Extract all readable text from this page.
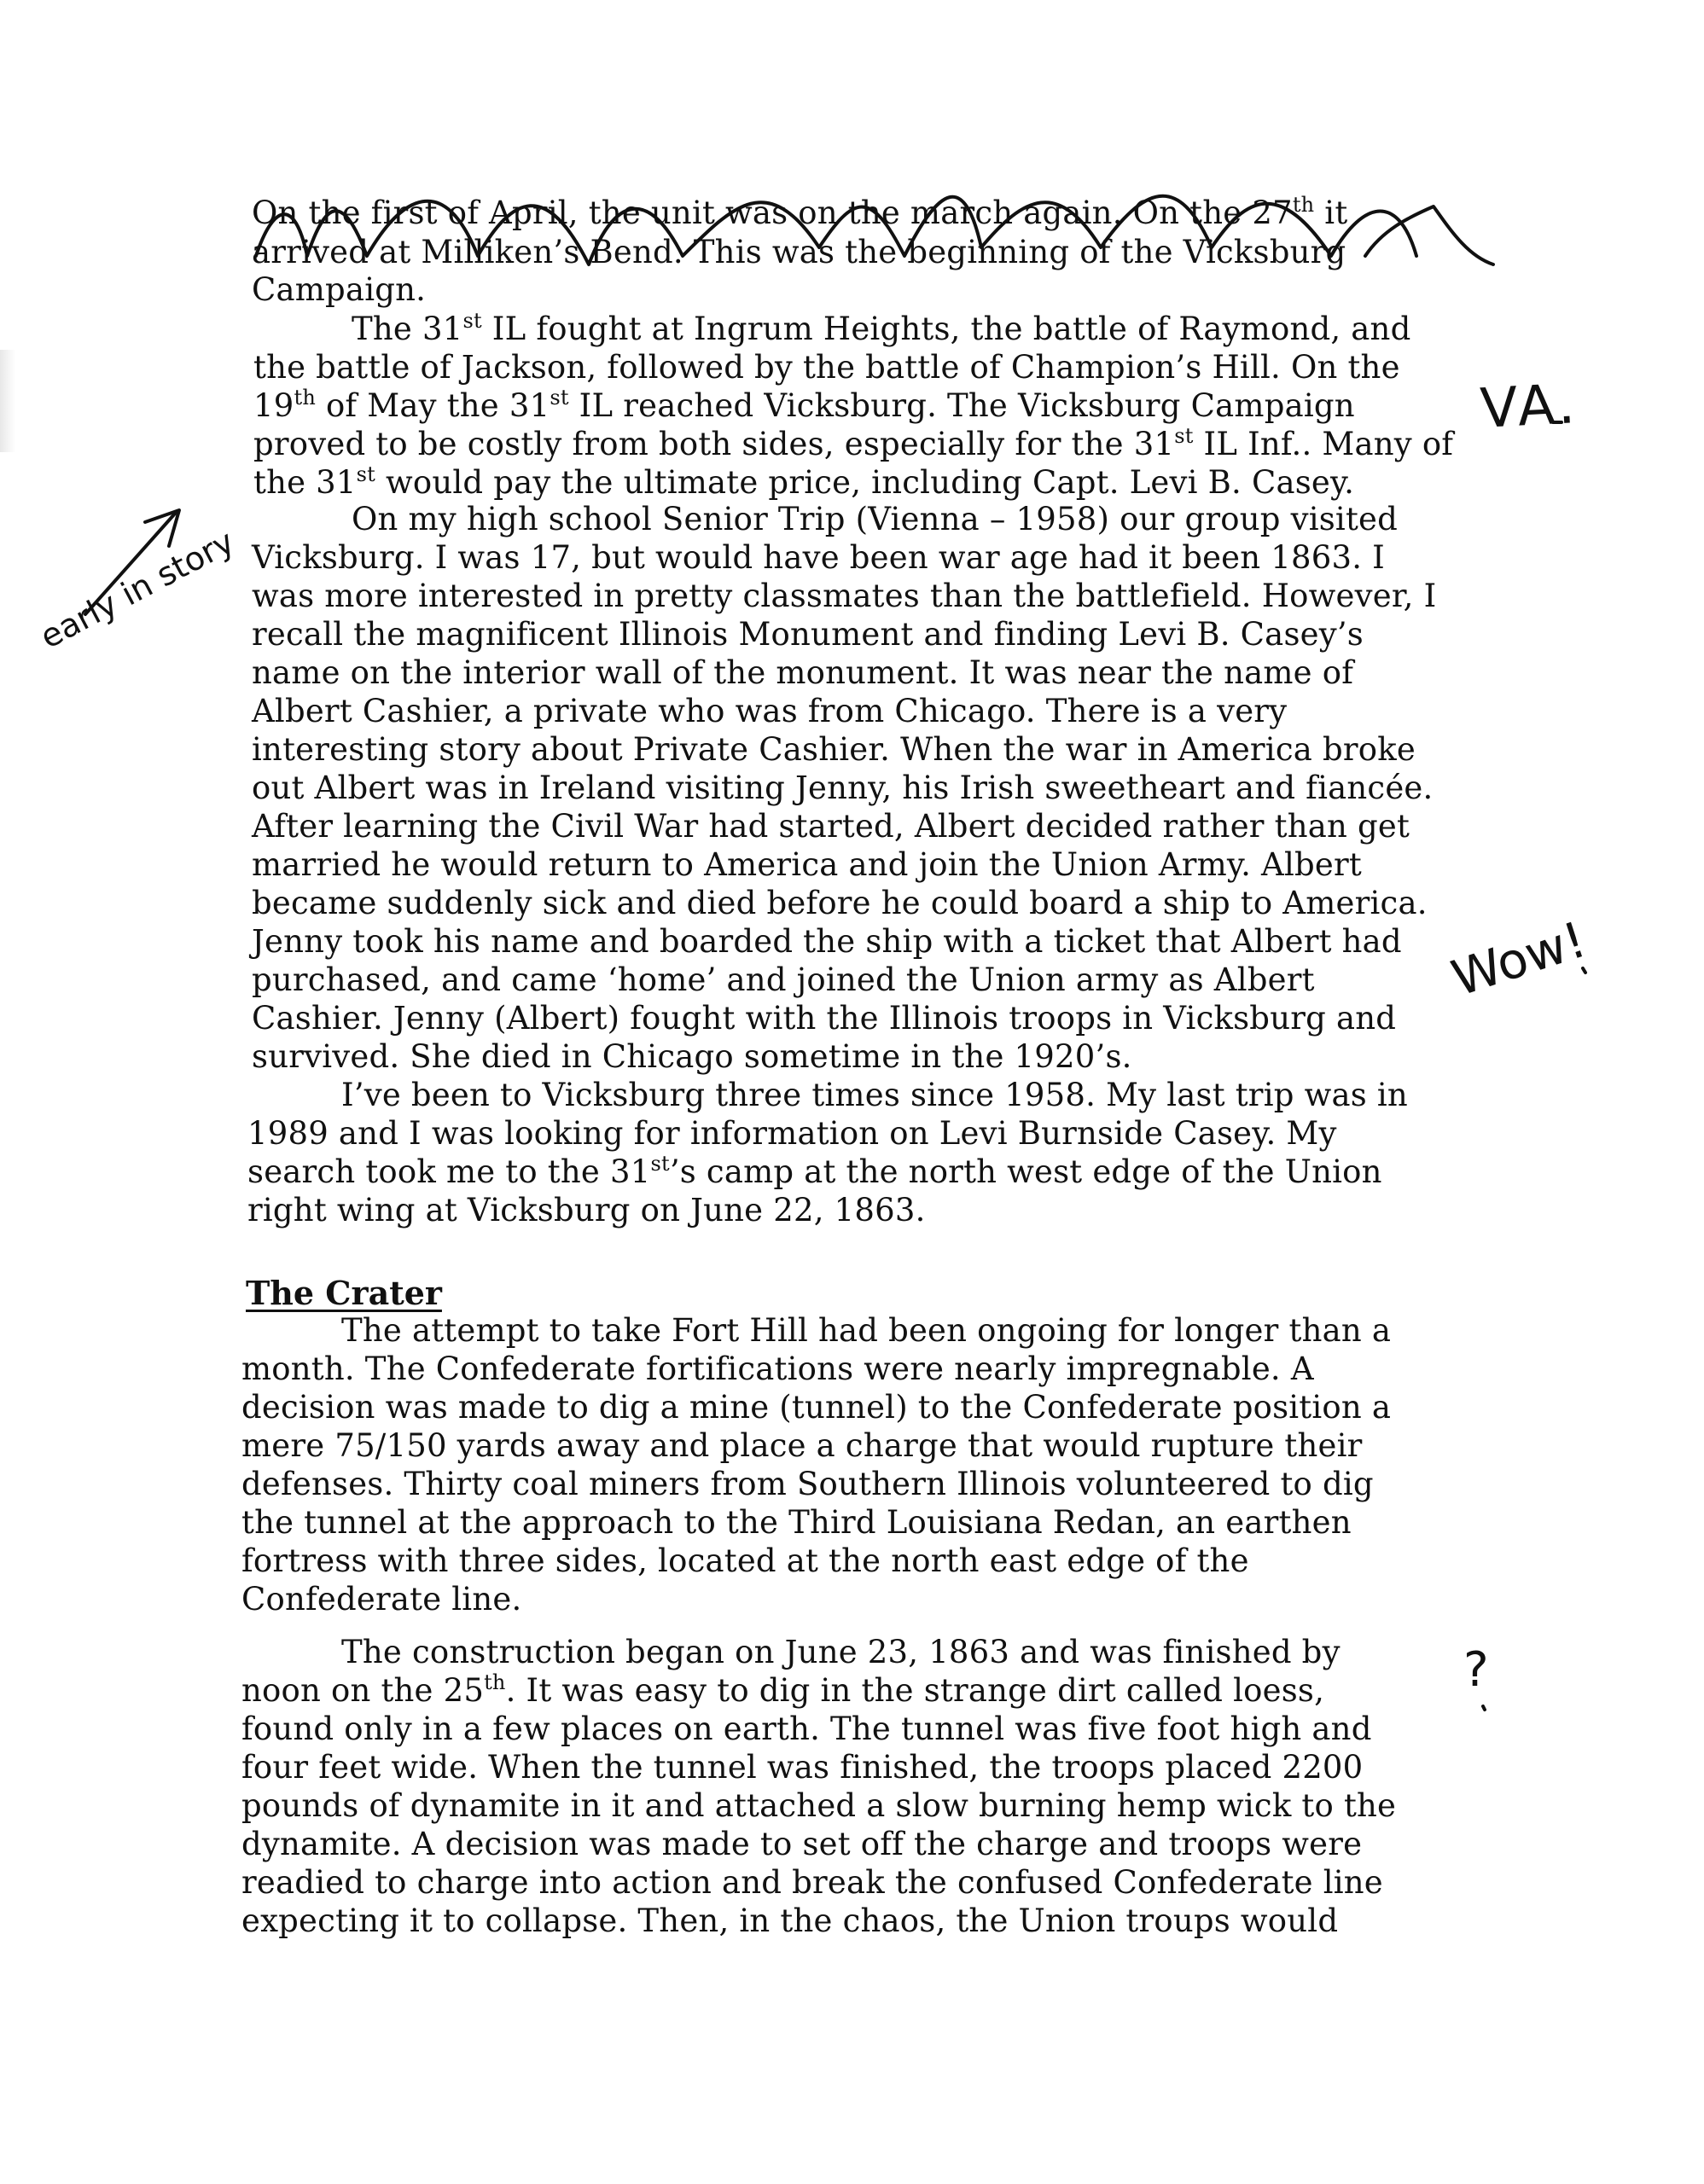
On the first of April, the unit was on the march again. On the 27th it
arrived at Milliken’s Bend. This was the beginning of the Vicksburg
Campaign.
The 31st IL fought at Ingrum Heights, the battle of Raymond, and
the battle of Jackson, followed by the battle of Champion’s Hill. On the
19th of May the 31st IL reached Vicksburg. The Vicksburg Campaign
proved to be costly from both sides, especially for the 31st IL Inf.. Many of
the 31st would pay the ultimate price, including Capt. Levi B. Casey.
On my high school Senior Trip (Vienna – 1958) our group visited
Vicksburg. I was 17, but would have been war age had it been 1863. I
was more interested in pretty classmates than the battlefield. However, I
recall the magnificent Illinois Monument and finding Levi B. Casey’s
name on the interior wall of the monument. It was near the name of
Albert Cashier, a private who was from Chicago. There is a very
interesting story about Private Cashier. When the war in America broke
out Albert was in Ireland visiting Jenny, his Irish sweetheart and fiancée.
After learning the Civil War had started, Albert decided rather than get
married he would return to America and join the Union Army. Albert
became suddenly sick and died before he could board a ship to America.
Jenny took his name and boarded the ship with a ticket that Albert had
purchased, and came ‘home’ and joined the Union army as Albert
Cashier. Jenny (Albert) fought with the Illinois troops in Vicksburg and
survived. She died in Chicago sometime in the 1920’s.
I’ve been to Vicksburg three times since 1958. My last trip was in
1989 and I was looking for information on Levi Burnside Casey. My
search took me to the 31st’s camp at the north west edge of the Union
right wing at Vicksburg on June 22, 1863.
The Crater
The attempt to take Fort Hill had been ongoing for longer than a
month. The Confederate fortifications were nearly impregnable. A
decision was made to dig a mine (tunnel) to the Confederate position a
mere 75/150 yards away and place a charge that would rupture their
defenses. Thirty coal miners from Southern Illinois volunteered to dig
the tunnel at the approach to the Third Louisiana Redan, an earthen
fortress with three sides, located at the north east edge of the
Confederate line.
The construction began on June 23, 1863 and was finished by
noon on the 25th. It was easy to dig in the strange dirt called loess,
found only in a few places on earth. The tunnel was five foot high and
four feet wide. When the tunnel was finished, the troops placed 2200
pounds of dynamite in it and attached a slow burning hemp wick to the
dynamite. A decision was made to set off the charge and troops were
readied to charge into action and break the confused Confederate line
expecting it to collapse. Then, in the chaos, the Union troups would
VA.
early in story
Wow!
?
